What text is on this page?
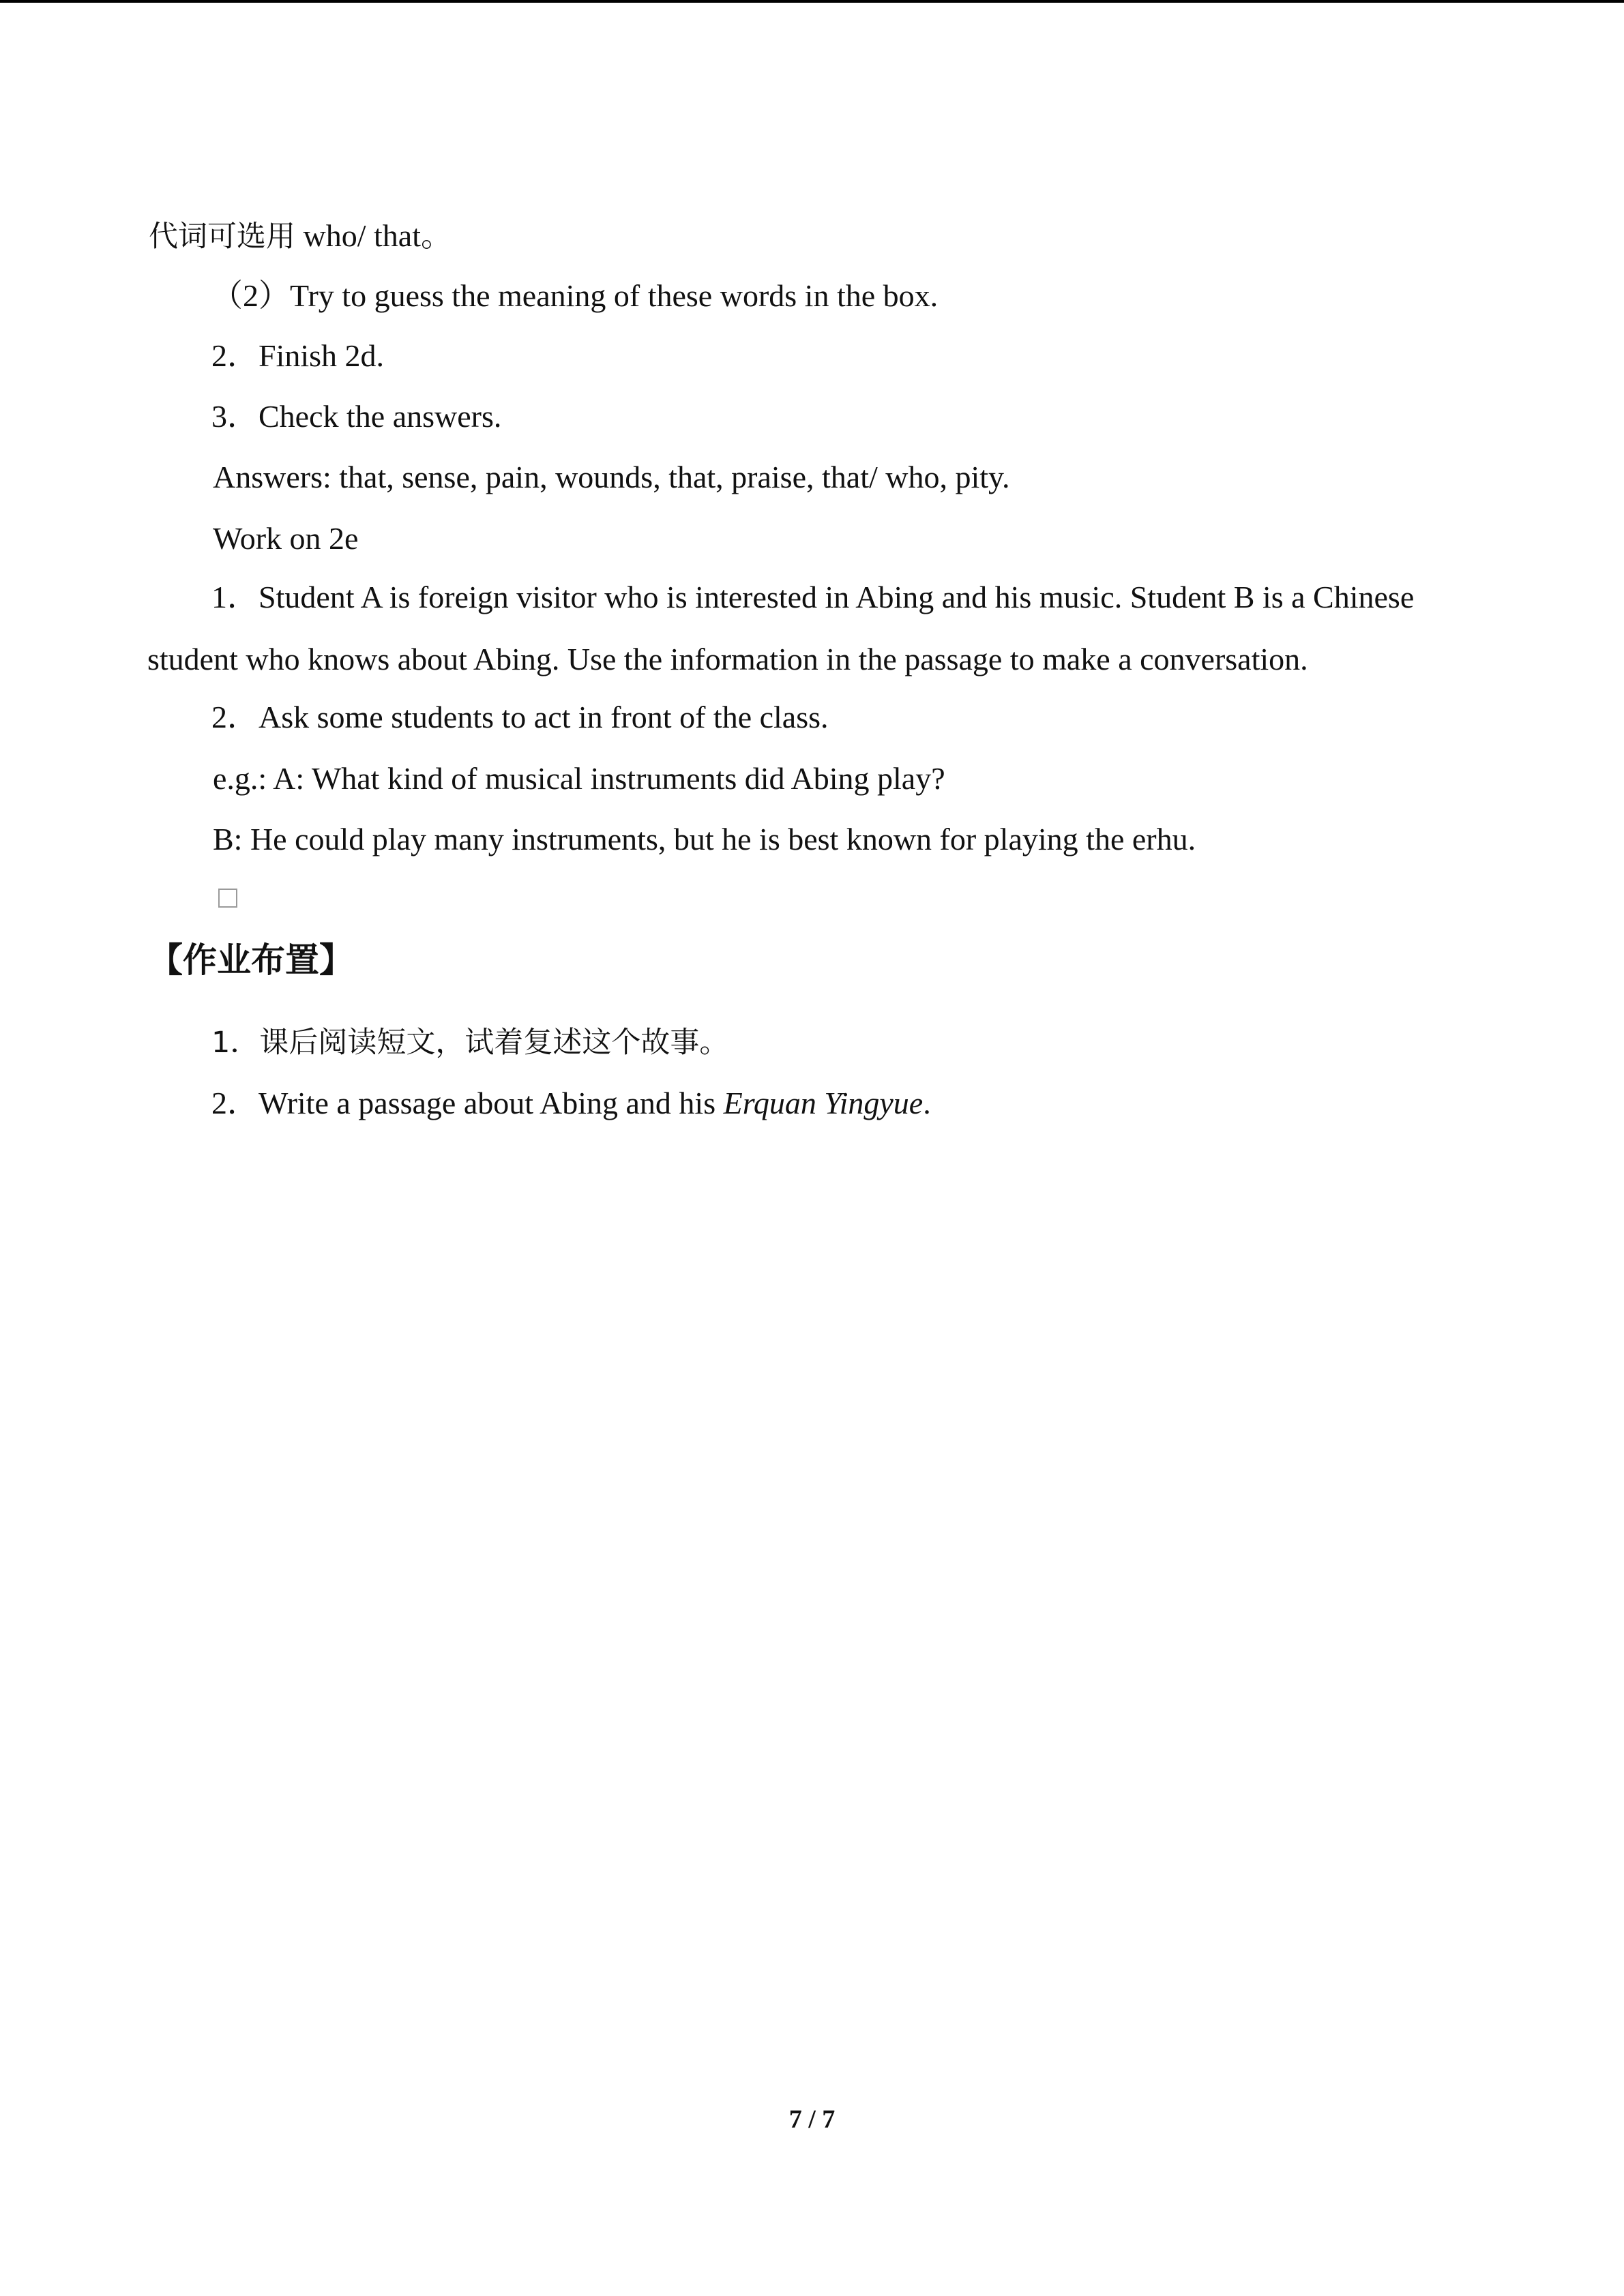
代词可选用 who/ that。
（2）Try to guess the meaning of these words in the box.
2．Finish 2d.
3．Check the answers.
Answers: that, sense, pain, wounds, that, praise, that/ who, pity.
Work on 2e
1．Student A is foreign visitor who is interested in Abing and his music. Student B is a Chinese
student who knows about Abing. Use the information in the passage to make a conversation.
2．Ask some students to act in front of the class.
e.g.: A: What kind of musical instruments did Abing play?
B: He could play many instruments, but he is best known for playing the erhu.
【作业布置】
1．课后阅读短文，试着复述这个故事。
2．Write a passage about Abing and his Erquan Yingyue.
7 / 7
